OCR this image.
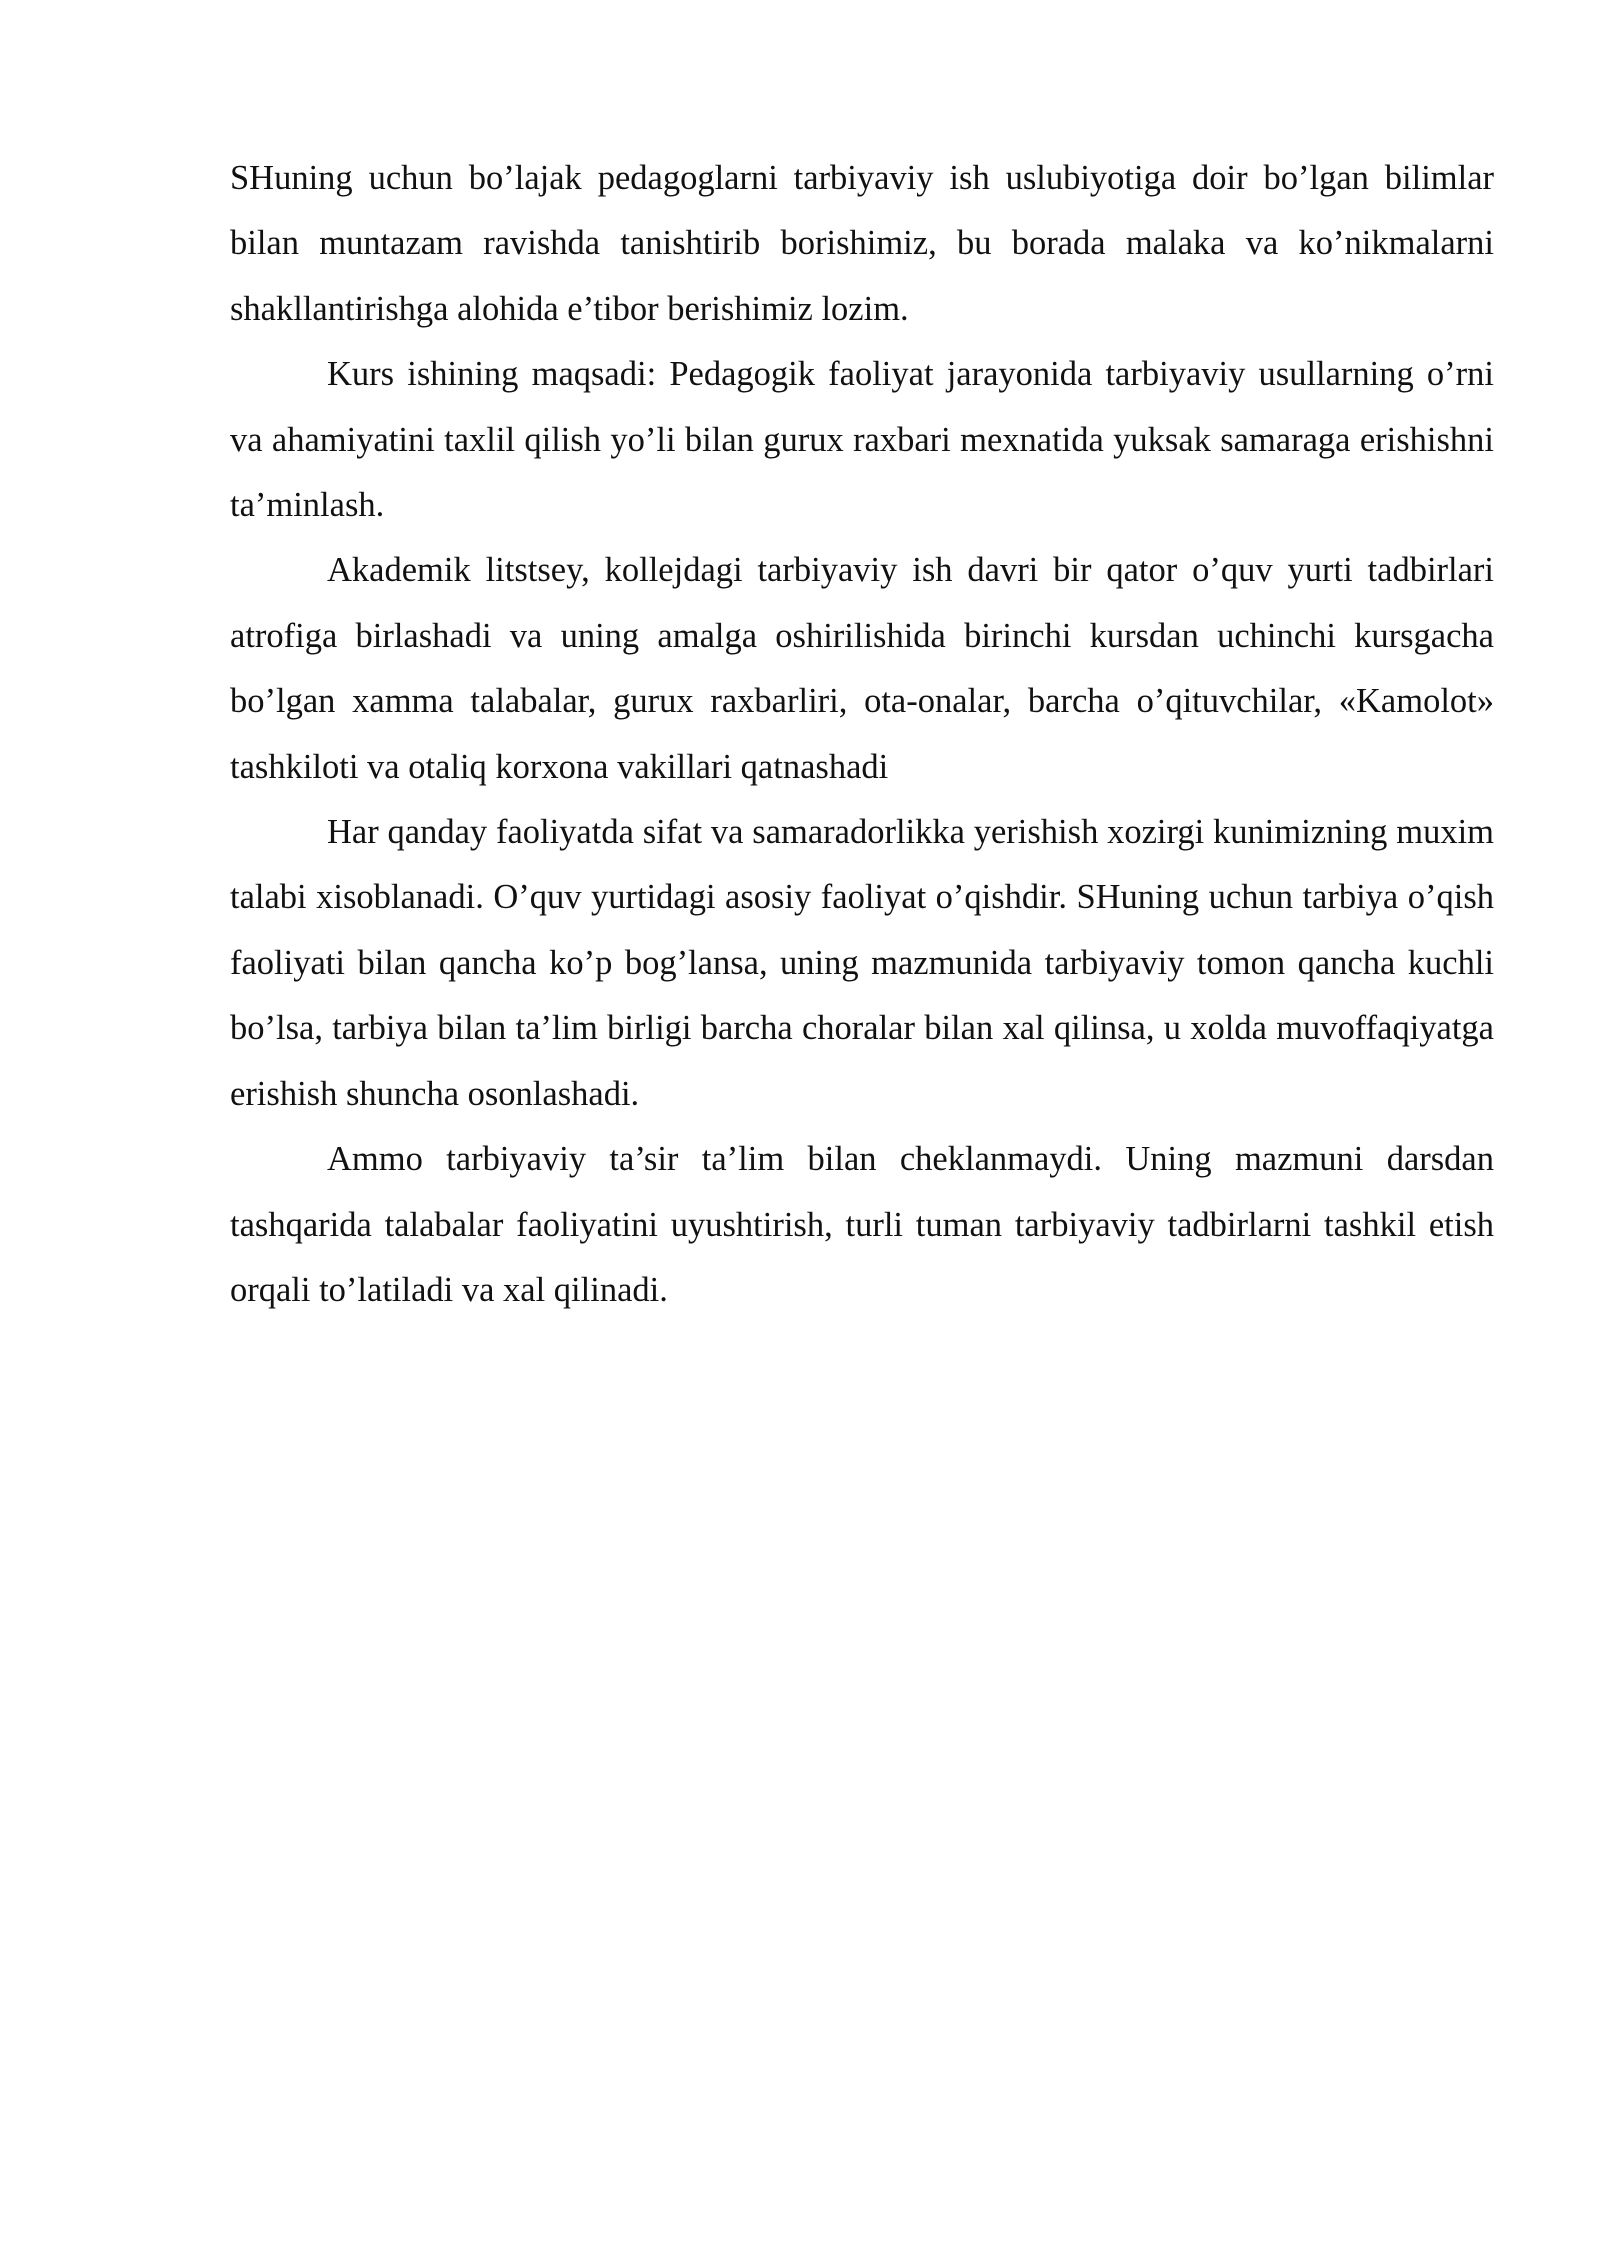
SHuning uchun bo’lajak pedagoglarni tarbiyaviy ish uslubiyotiga doir bo’lgan bilimlar bilan muntazam ravishda tanishtirib borishimiz, bu borada malaka va ko’nikmalarni shakllantirishga alohida e’tibor berishimiz lozim.

Kurs ishining maqsadi: Pedagogik faoliyat jarayonida tarbiyaviy usullarning o’rni va ahamiyatini taxlil qilish yo’li bilan gurux raxbari mexnatida yuksak samaraga erishishni ta’minlash.

Akademik litstsey, kollejdagi tarbiyaviy ish davri bir qator o’quv yurti tadbirlari atrofiga birlashadi va uning amalga oshirilishida birinchi kursdan uchinchi kursgacha bo’lgan xamma talabalar, gurux raxbarliri, ota-onalar, barcha o’qituvchilar, «Kamolot» tashkiloti va otaliq korxona vakillari qatnashadi

Har qanday faoliyatda sifat va samaradorlikka yerishish xozirgi kunimizning muxim talabi xisoblanadi. O’quv yurtidagi asosiy faoliyat o’qishdir. SHuning uchun tarbiya o’qish faoliyati bilan qancha ko’p bog’lansa, uning mazmunida tarbiyaviy tomon qancha kuchli bo’lsa, tarbiya bilan ta’lim birligi barcha choralar bilan xal qilinsa, u xolda muvoffaqiyatga erishish shuncha osonlashadi.

Ammo tarbiyaviy ta’sir ta’lim bilan cheklanmaydi. Uning mazmuni darsdan tashqarida talabalar faoliyatini uyushtirish, turli tuman tarbiyaviy tadbirlarni tashkil etish orqali to’latiladi va xal qilinadi.
